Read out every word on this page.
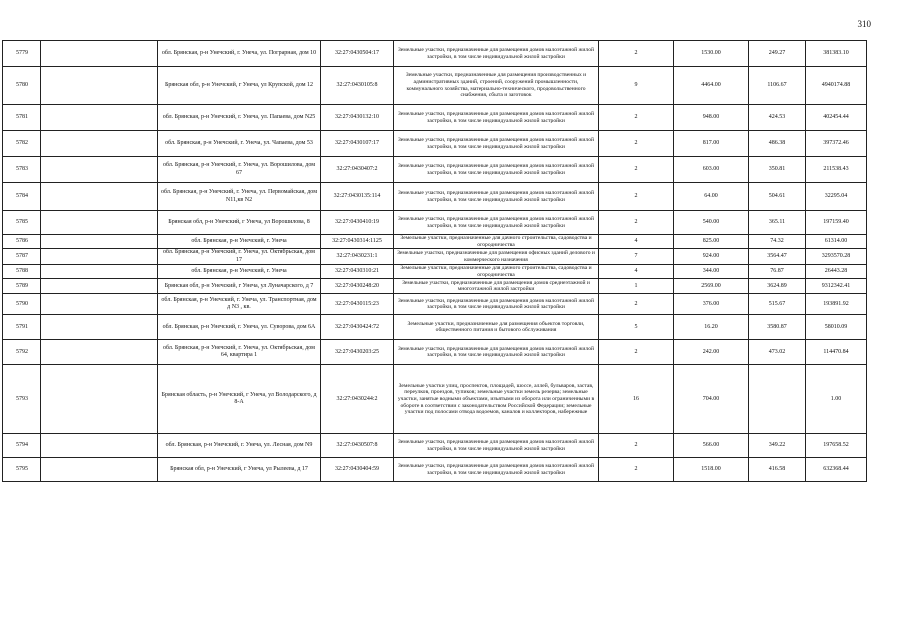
310
5779		обл. Брянская, р-н Унечский, г. Унеча, ул. Пограрная, дом 10	32:27:0430504:17	Земельные участки, предназначенные для размещения домов малоэтажной жилой застройки, в том числе индивидуальной жилой застройки	2	1530.00	249.27	381383.10
5780		Брянская обл, р-н Унечский, г Унеча, ул Крупской, дом 12	32:27:0430105:8	Земельные участки, предназначенные для размещения производственных и административных зданий, строений, сооружений промышленности, коммунального хозяйства, материально-технического, продовольственного снабжения, сбыта и заготовок	9	4464.00	1106.67	4940174.88
5781		обл. Брянская, р-н Унечский, г. Унеча, ул. Папаева, дом N25	32:27:0430132:10	Земельные участки, предназначенные для размещения домов малоэтажной жилой застройки, в том числе индивидуальной жилой застройки	2	948.00	424.53	402454.44
5782		обл. Брянская, р-н Унечский, г. Унеча, ул. Чапаева, дом 53	32:27:0430107:17	Земельные участки, предназначенные для размещения домов малоэтажной жилой застройки, в том числе индивидуальной жилой застройки	2	817.00	486.38	397372.46
5783		обл. Брянская, р-н Унечский, г. Унеча, ул. Ворошилова, дом 67	32:27:0430407:2	Земельные участки, предназначенные для размещения домов малоэтажной жилой застройки, в том числе индивидуальной жилой застройки	2	603.00	350.81	211538.43
5784		обл. Брянская, р-н Унечский, г. Унеча, ул. Первомайская, дом N11,кв N2	32:27:0430135:114	Земельные участки, предназначенные для размещения домов малоэтажной жилой застройки, в том числе индивидуальной жилой застройки	2	64.00	504.61	32295.04
5785		Брянская обл, р-н Унечский, г Унеча, ул Ворошилова, 8	32:27:0430410:19	Земельные участки, предназначенные для размещения домов малоэтажной жилой застройки, в том числе индивидуальной жилой застройки	2	540.00	365.11	197159.40
5786		обл. Брянская, р-н Унечский, г. Унеча	32:27:0430314:1125	Земельные участки, предназначенные для дачного строительства, садоводства и огородничества	4	825.00	74.32	61314.00
5787		обл. Брянская, р-н Унечский, г. Унеча, ул. Октябрьская, дом 17	32:27:0430231:1	Земельные участки, предназначенные для размещения офисных зданий делового и коммерческого назначения	7	924.00	3564.47	3293570.28
5788		обл. Брянская, р-н Унечский, г. Унеча	32:27:0430310:21	Земельные участки, предназначенные для дачного строительства, садоводства и огородничества	4	344.00	76.87	26443.28
5789		Брянская обл, р-н Унечский, г Унеча, ул Луначарского, д 7	32:27:0430248:20	Земельные участки, предназначенные для размещения домов среднеэтажной и многоэтажной жилой застройки	1	2569.00	3624.89	9312342.41
5790		обл. Брянская, р-н Унечский, г. Унеча, ул. Транспортная, дом д N3 , кв.	32:27:0430115:23	Земельные участки, предназначенные для размещения домов малоэтажной жилой застройки, в том числе индивидуальной жилой застройки	2	376.00	515.67	193891.92
5791		обл. Брянская, р-н Унечский, г. Унеча, ул. Суворова, дом 6А	32:27:0430424:72	Земельные участки, предназначенные для размещения объектов торговли, общественного питания и бытового обслуживания	5	16.20	3580.87	58010.09
5792		обл. Брянская, р-н Унечский, г. Унеча, ул. Октябрьская, дом 64, квартира 1	32:27:0430203:25	Земельные участки, предназначенные для размещения домов малоэтажной жилой застройки, в том числе индивидуальной жилой застройки	2	242.00	473.02	114470.84
5793		Брянская область, р-н Унечский, г Унеча, ул Володарского, д 8-А	32:27:0430244:2	Земельные участки улиц, проспектов, площадей, шоссе, аллей, бульваров, застав, переулков, проездов, тупиков; земельные участки земель резерва; земельные участки, занятые водными объектами, изъятыми из оборота или ограниченными в обороте в соответствии с законодательством Российской Федерации; земельные участки под полосами отвода водоемов, каналов и коллекторов, набережные	16	704.00		1.00
5794		обл. Брянская, р-н Унечский, г. Унеча, ул. Лесная, дом N9	32:27:0430507:8	Земельные участки, предназначенные для размещения домов малоэтажной жилой застройки, в том числе индивидуальной жилой застройки	2	566.00	349.22	197658.52
5795		Брянская обл, р-н Унечский, г Унеча, ул Рылеева, д 17	32:27:0430404:59	Земельные участки, предназначенные для размещения домов малоэтажной жилой застройки, в том числе индивидуальной жилой застройки	2	1518.00	416.58	632368.44
